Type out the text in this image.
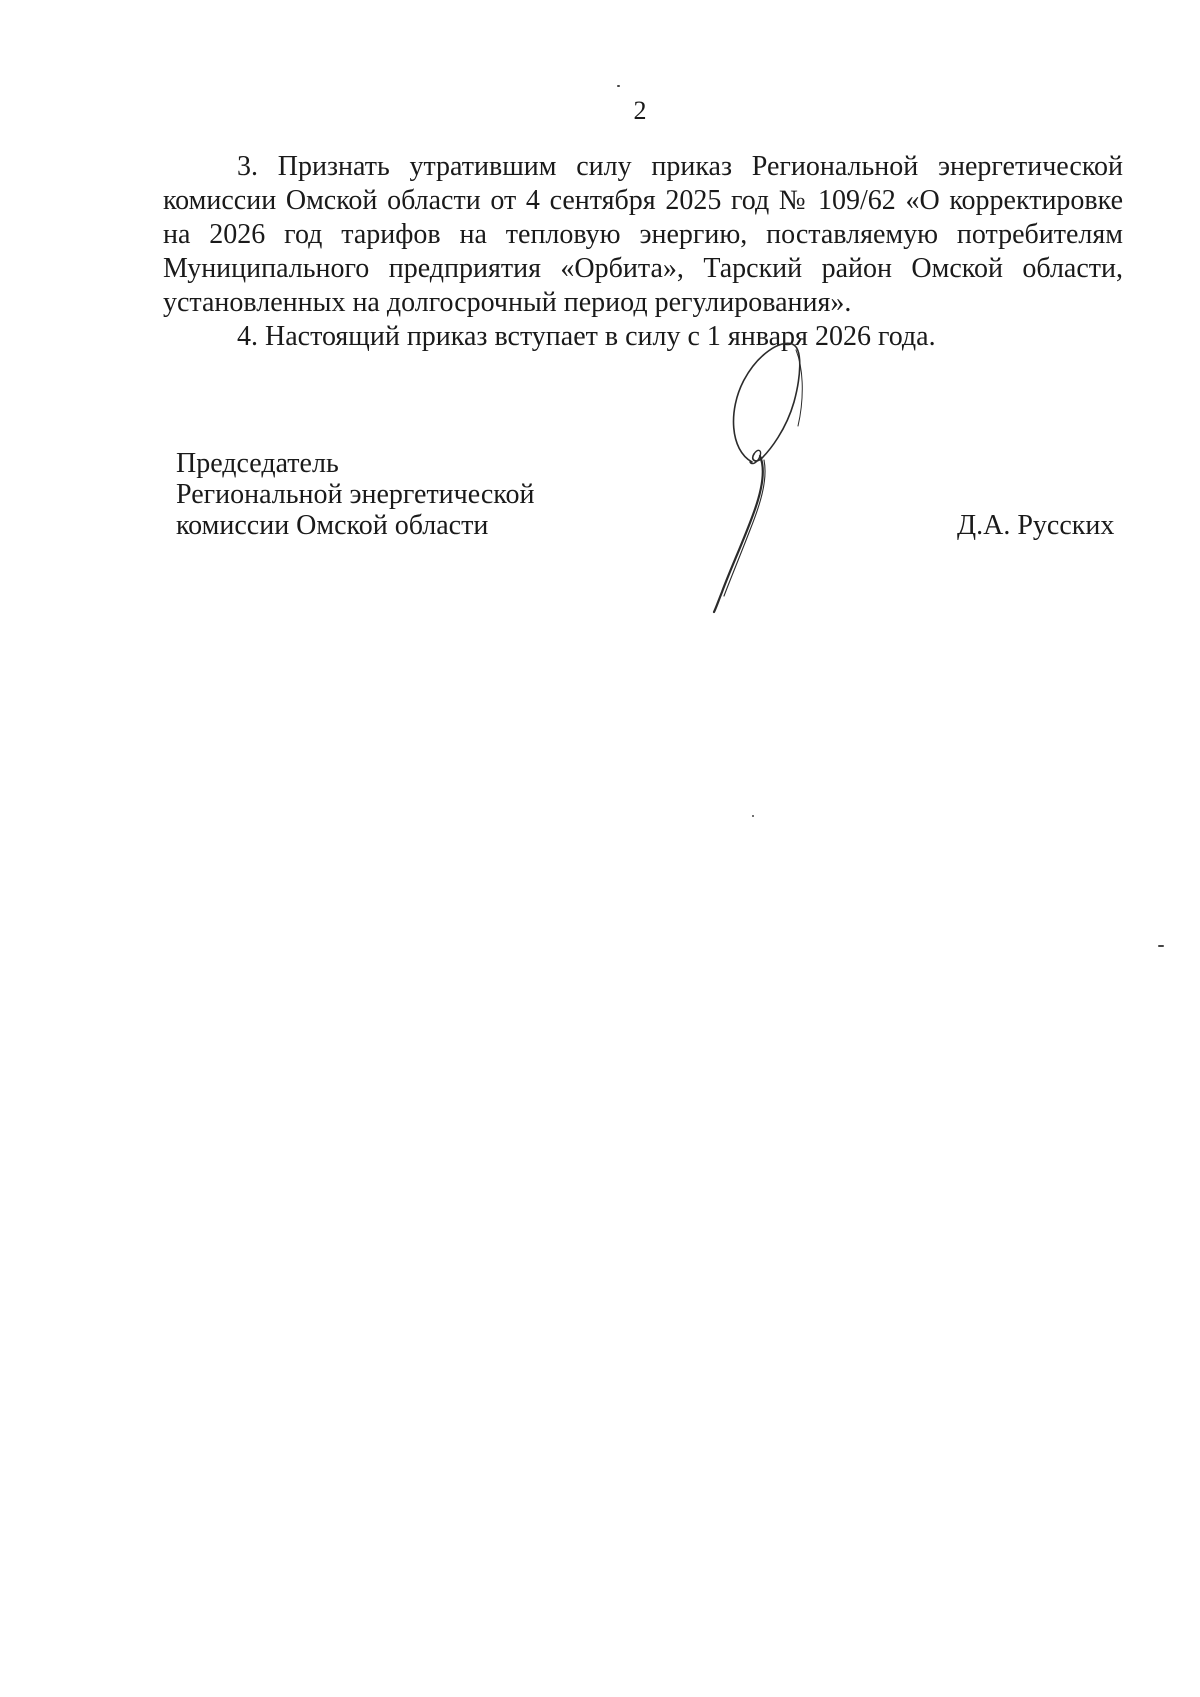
2

3. Признать утратившим силу приказ Региональной энергетической комиссии Омской области от 4 сентября 2025 год № 109/62 «О корректировке на 2026 год тарифов на тепловую энергию, поставляемую потребителям Муниципального предприятия «Орбита», Тарский район Омской области, установленных на долгосрочный период регулирования».

4. Настоящий приказ вступает в силу с 1 января 2026 года.

Председатель
Региональной энергетической
комиссии Омской области	Д.А. Русских
